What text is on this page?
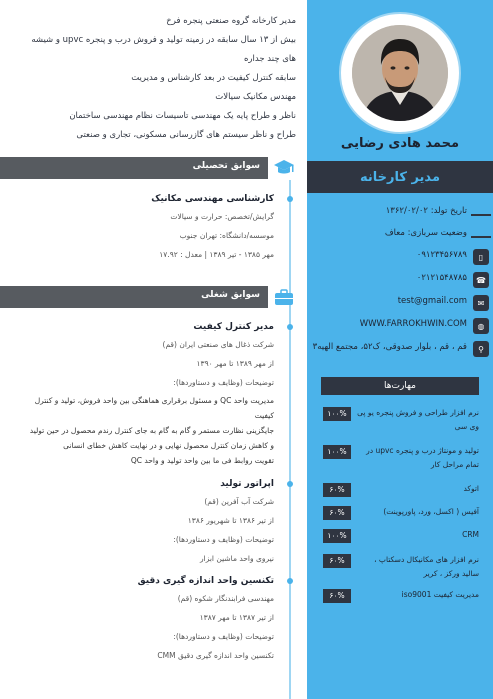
محمد هادی رضایی
مدیر کارخانه
تاریخ تولد: ۱۳۶۲/۰۲/۰۲
وضعیت سربازی: معاف
۰۹۱۲۳۴۵۶۷۸۹	▯
۰۲۱۲۱۵۴۸۷۸۵	☎
test@gmail.com	✉
WWW.FARROKHWIN.COM	◍
قم ، قم ، بلوار صدوقی، ک۵۲، مجتمع الهیه۳	⚲
مهارت‌ها
نرم افزار طراحی و فروش پنجره یو پی وی سی
۱۰۰%
تولید و مونتاژ درب و پنجره upvc در تمام مراحل کار
۱۰۰%
اتوکد
۶۰%
آفیس ( اکسل، ورد، پاورپوینت)
۶۰%
CRM
۱۰۰%
نرم افزار های مکانیکال دسکتاپ ، سالید ورکز ، کریر
۶۰%
مدیریت کیفیت iso9001
۶۰%
مدیر کارخانه گروه صنعتی پنجره فرخ
بیش از ۱۳ سال سابقه در زمینه تولید و فروش درب و پنجره upvc و شیشه
های چند جداره
سابقه کنترل کیفیت در بعد کارشناس و مدیریت
مهندس مکانیک سیالات
ناظر و طراح پایه یک مهندسی تاسیسات نظام مهندسی ساختمان
طراح و ناظر سیستم های گازرسانی مسکونی، تجاری و صنعتی
سوابق تحصیلی
کارشناسی مهندسی مکانیک
گرایش/تخصص: حرارت و سیالات
موسسه/دانشگاه: تهران جنوب
مهر ۱۳۸۵ - تیر ۱۳۸۹ | معدل : ۱۷.۹۲
سوابق شغلی
مدیر کنترل کیفیت
شرکت ذغال های صنعتی ایران (قم)
از مهر ۱۳۸۹ تا مهر ۱۳۹۰
توضیحات (وظایف و دستاوردها):
مدیریت واحد QC و مسئول برقراری هماهنگی بین واحد فروش، تولید و کنترل
کیفیت
جایگزینی نظارت مستمر و گام به گام به جای کنترل رندم محصول در حین تولید
و کاهش زمان کنترل محصول نهایی و در نهایت کاهش خطای انسانی
تقویت روابط فی ما بین واحد تولید و واحد QC
اپراتور تولید
شرکت آب آفرین (قم)
از تیر ۱۳۸۶ تا شهریور ۱۳۸۶
توضیحات (وظایف و دستاوردها):
نیروی واحد ماشین ابزار
تکنسین واحد اندازه گیری دقیق
مهندسی فرابندنگار شکوه (قم)
از تیر ۱۳۸۷ تا مهر ۱۳۸۷
توضیحات (وظایف و دستاوردها):
تکنسین واحد اندازه گیری دقیق CMM
